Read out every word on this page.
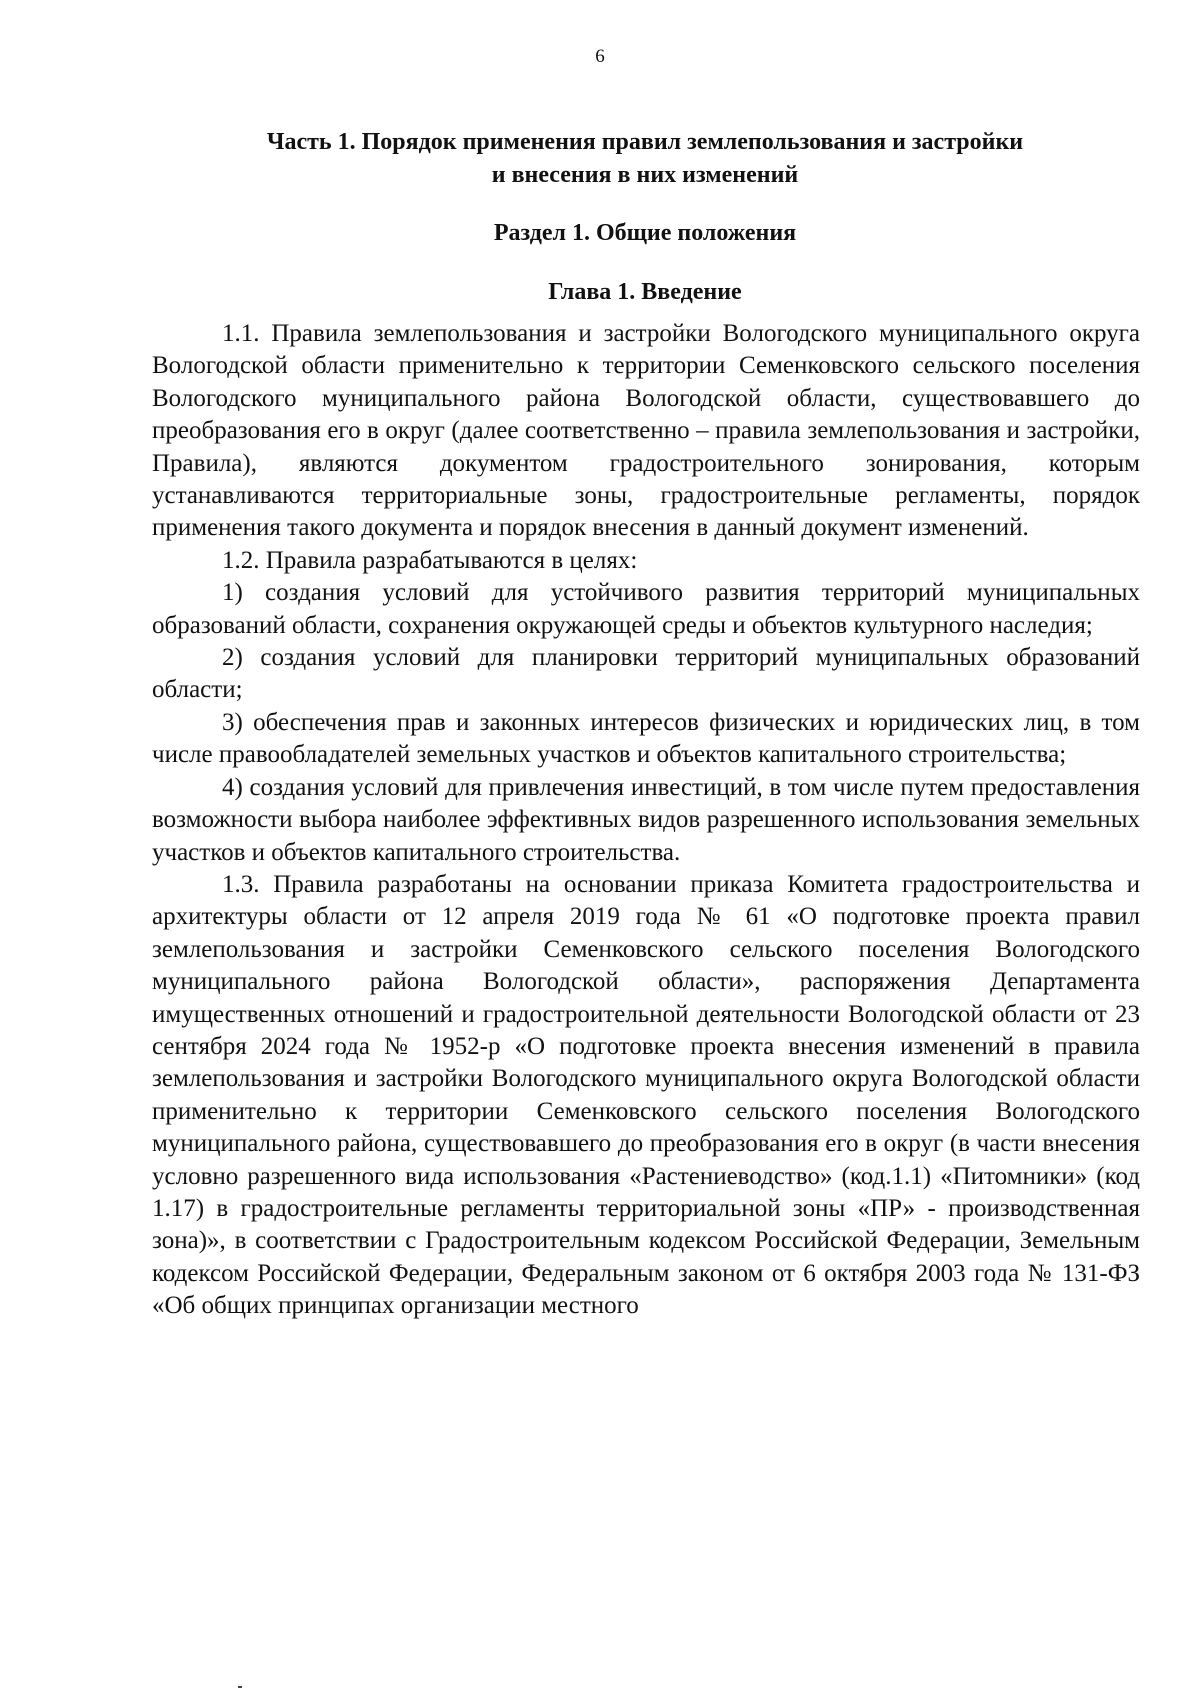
6
Часть 1. Порядок применения правил землепользования и застройки
и внесения в них изменений
Раздел 1. Общие положения
Глава 1. Введение

1.1. Правила землепользования и застройки Вологодского муниципального округа Вологодской области применительно к территории Семенковского сельского поселения Вологодского муниципального района Вологодской области, существовавшего до преобразования его в округ (далее соответственно – правила землепользования и застройки, Правила), являются документом градостроительного зонирования, которым устанавливаются территориальные зоны, градостроительные регламенты, порядок применения такого документа и порядок внесения в данный документ изменений.

1.2. Правила разрабатываются в целях:

1) создания условий для устойчивого развития территорий муниципальных образований области, сохранения окружающей среды и объектов культурного наследия;

2) создания условий для планировки территорий муниципальных образований области;

3) обеспечения прав и законных интересов физических и юридических лиц, в том числе правообладателей земельных участков и объектов капитального строительства;

4) создания условий для привлечения инвестиций, в том числе путем предоставления возможности выбора наиболее эффективных видов разрешенного использования земельных участков и объектов капитального строительства.

1.3. Правила разработаны на основании приказа Комитета градостроительства и архитектуры области от 12 апреля 2019 года № 61 «О подготовке проекта правил землепользования и застройки Семенковского сельского поселения Вологодского муниципального района Вологодской области», распоряжения Департамента имущественных отношений и градостроительной деятельности Вологодской области от 23 сентября 2024 года № 1952-р «О подготовке проекта внесения изменений в правила землепользования и застройки Вологодского муниципального округа Вологодской области применительно к территории Семенковского сельского поселения Вологодского муниципального района, существовавшего до преобразования его в округ (в части внесения условно разрешенного вида использования «Растениеводство» (код.1.1) «Питомники» (код 1.17) в градостроительные регламенты территориальной зоны «ПР» - производственная зона)», в соответствии с Градостроительным кодексом Российской Федерации, Земельным кодексом Российской Федерации, Федеральным законом от 6 октября 2003 года № 131-ФЗ «Об общих принципах организации местного
